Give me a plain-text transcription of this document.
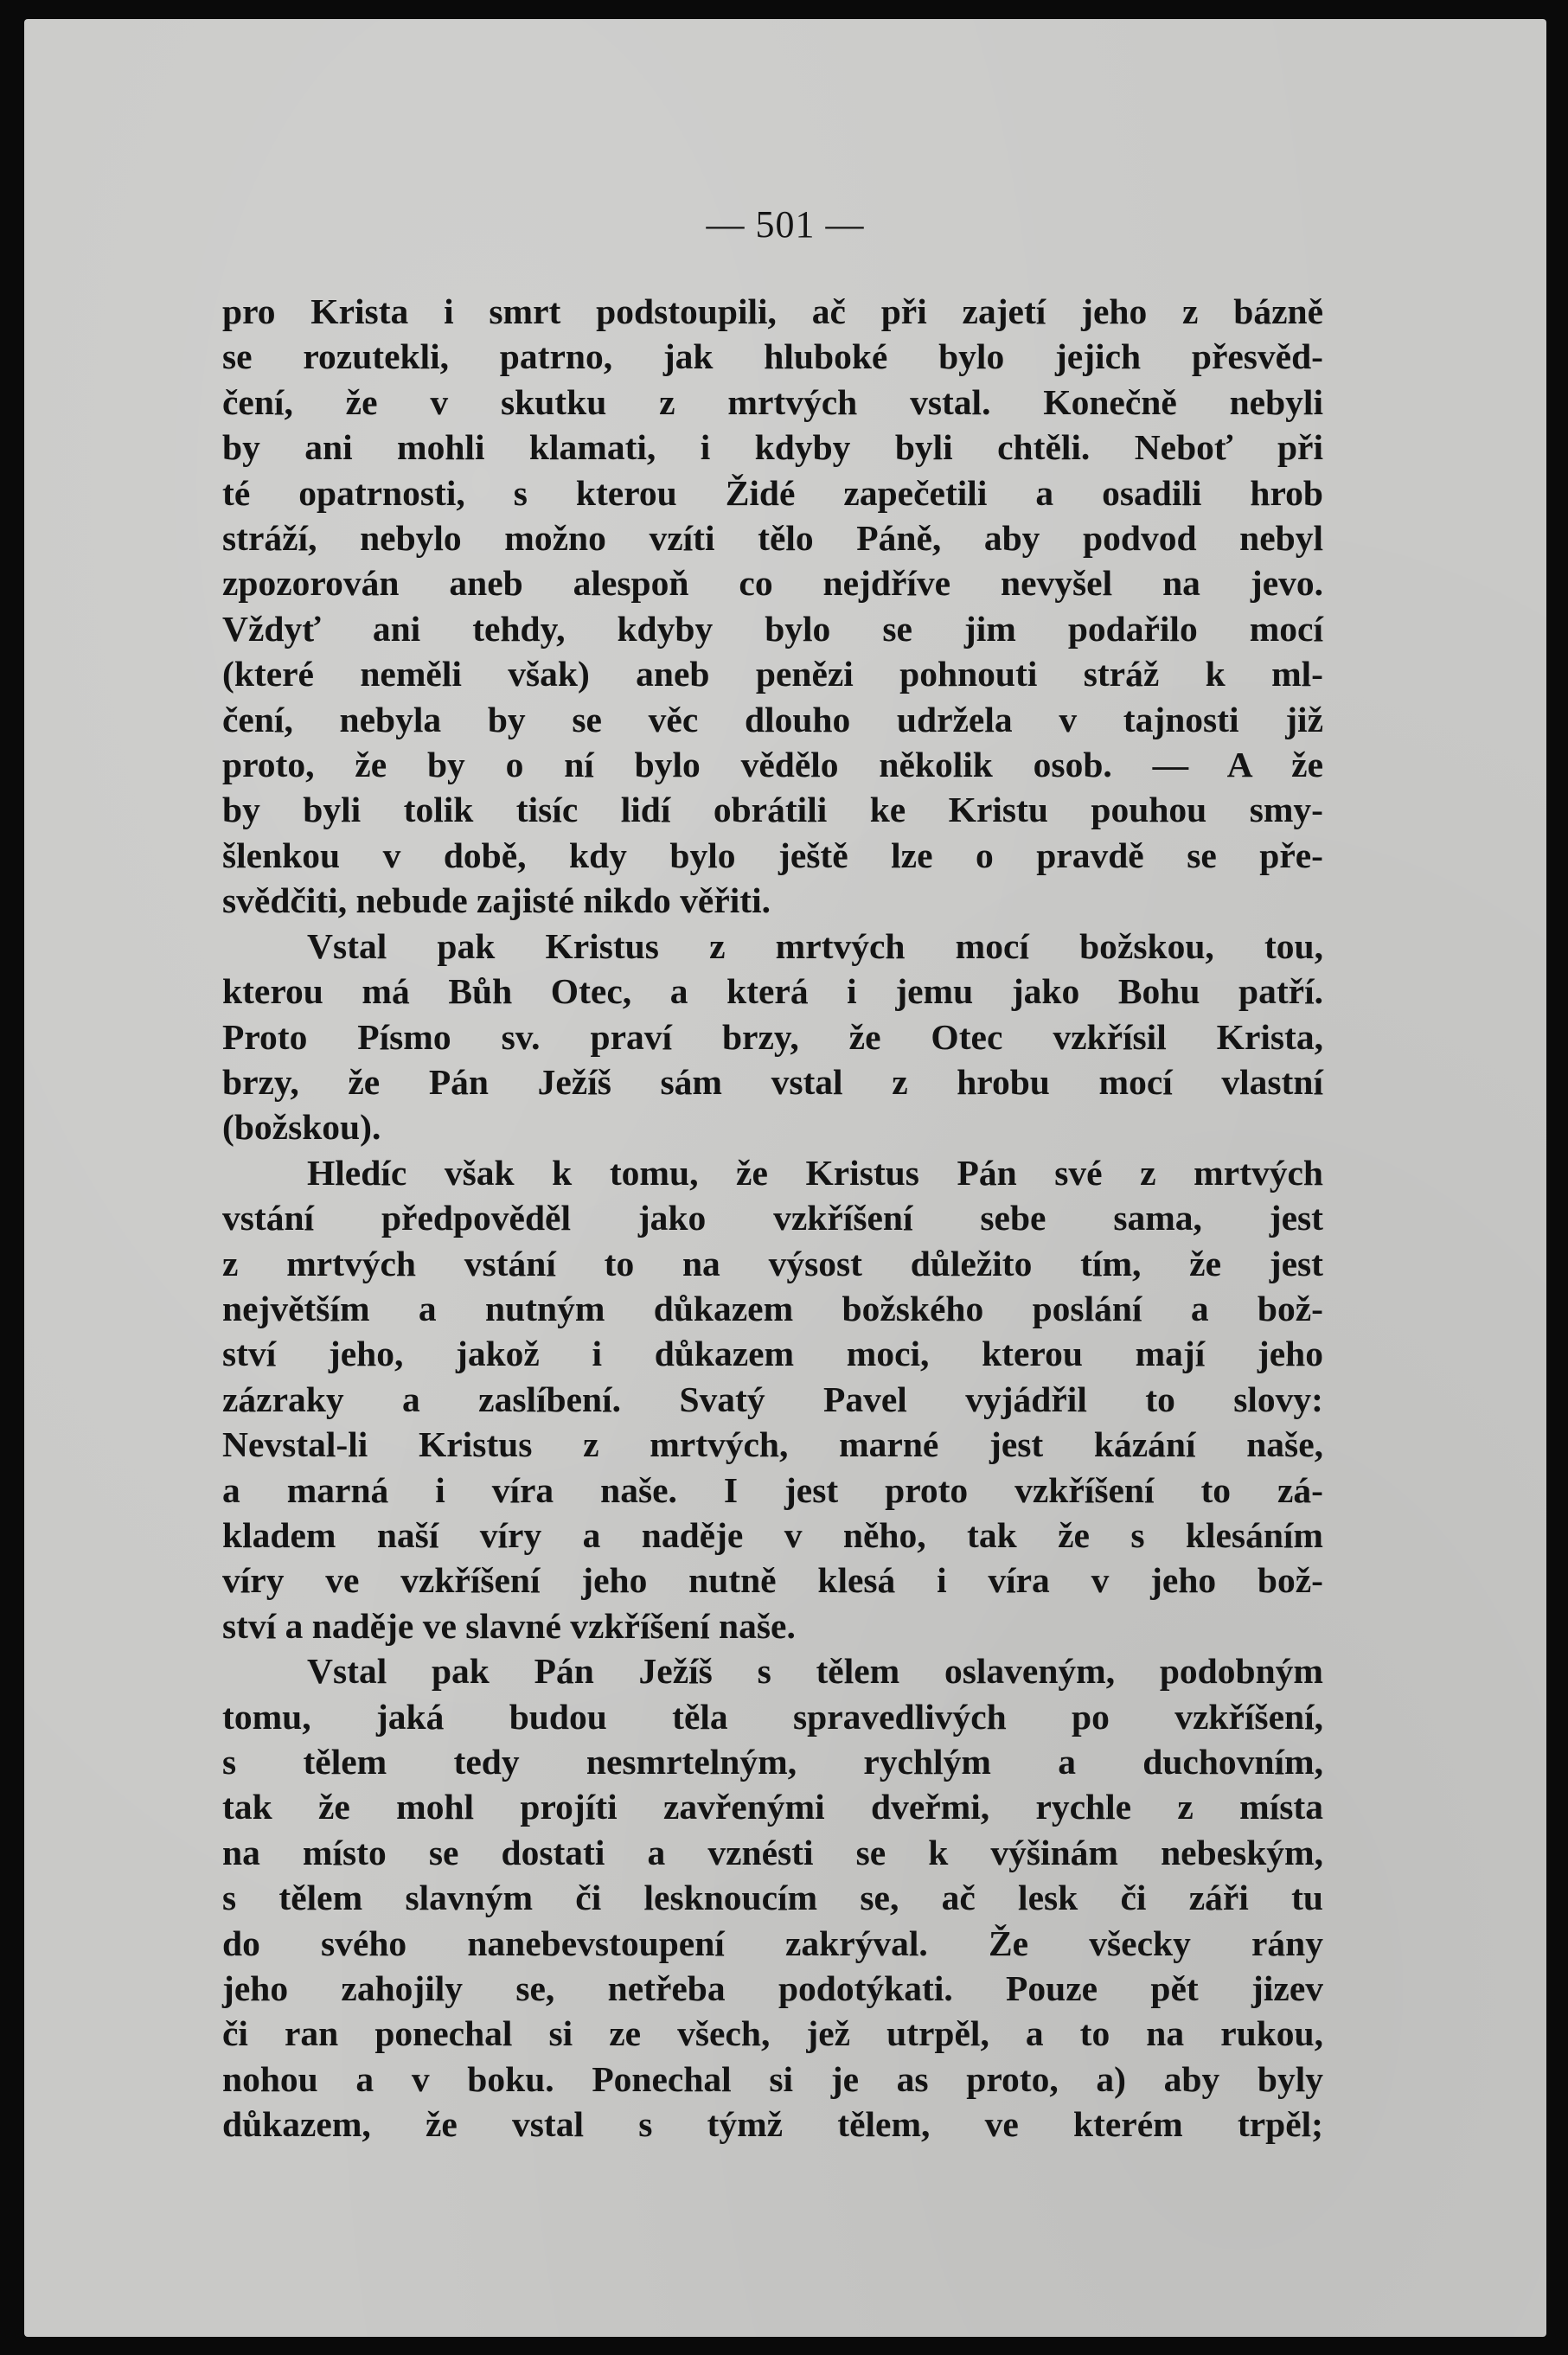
— 501 —
pro Krista i smrt podstoupili, ač při zajetí jeho z bázně
se rozutekli, patrno, jak hluboké bylo jejich přesvěd-
čení, že v skutku z mrtvých vstal. Konečně nebyli
by ani mohli klamati, i kdyby byli chtěli. Neboť při
té opatrnosti, s kterou Židé zapečetili a osadili hrob
stráží, nebylo možno vzíti tělo Páně, aby podvod nebyl
zpozorován aneb alespoň co nejdříve nevyšel na jevo.
Vždyť ani tehdy, kdyby bylo se jim podařilo mocí
(které neměli však) aneb penězi pohnouti stráž k ml-
čení, nebyla by se věc dlouho udržela v tajnosti již
proto, že by o ní bylo vědělo několik osob. — A že
by byli tolik tisíc lidí obrátili ke Kristu pouhou smy-
šlenkou v době, kdy bylo ještě lze o pravdě se pře-
svědčiti, nebude zajisté nikdo věřiti.
Vstal pak Kristus z mrtvých mocí božskou, tou,
kterou má Bůh Otec, a která i jemu jako Bohu patří.
Proto Písmo sv. praví brzy, že Otec vzkřísil Krista,
brzy, že Pán Ježíš sám vstal z hrobu mocí vlastní
(božskou).
Hledíc však k tomu, že Kristus Pán své z mrtvých
vstání předpověděl jako vzkříšení sebe sama, jest
z mrtvých vstání to na výsost důležito tím, že jest
největším a nutným důkazem božského poslání a bož-
ství jeho, jakož i důkazem moci, kterou mají jeho
zázraky a zaslíbení. Svatý Pavel vyjádřil to slovy:
Nevstal-li Kristus z mrtvých, marné jest kázání naše,
a marná i víra naše. I jest proto vzkříšení to zá-
kladem naší víry a naděje v něho, tak že s klesáním
víry ve vzkříšení jeho nutně klesá i víra v jeho bož-
ství a naděje ve slavné vzkříšení naše.
Vstal pak Pán Ježíš s tělem oslaveným, podobným
tomu, jaká budou těla spravedlivých po vzkříšení,
s tělem tedy nesmrtelným, rychlým a duchovním,
tak že mohl projíti zavřenými dveřmi, rychle z místa
na místo se dostati a vznésti se k výšinám nebeským,
s tělem slavným či lesknoucím se, ač lesk či záři tu
do svého nanebevstoupení zakrýval. Že všecky rány
jeho zahojily se, netřeba podotýkati. Pouze pět jizev
či ran ponechal si ze všech, jež utrpěl, a to na rukou,
nohou a v boku. Ponechal si je as proto, a) aby byly
důkazem, že vstal s týmž tělem, ve kterém trpěl;
